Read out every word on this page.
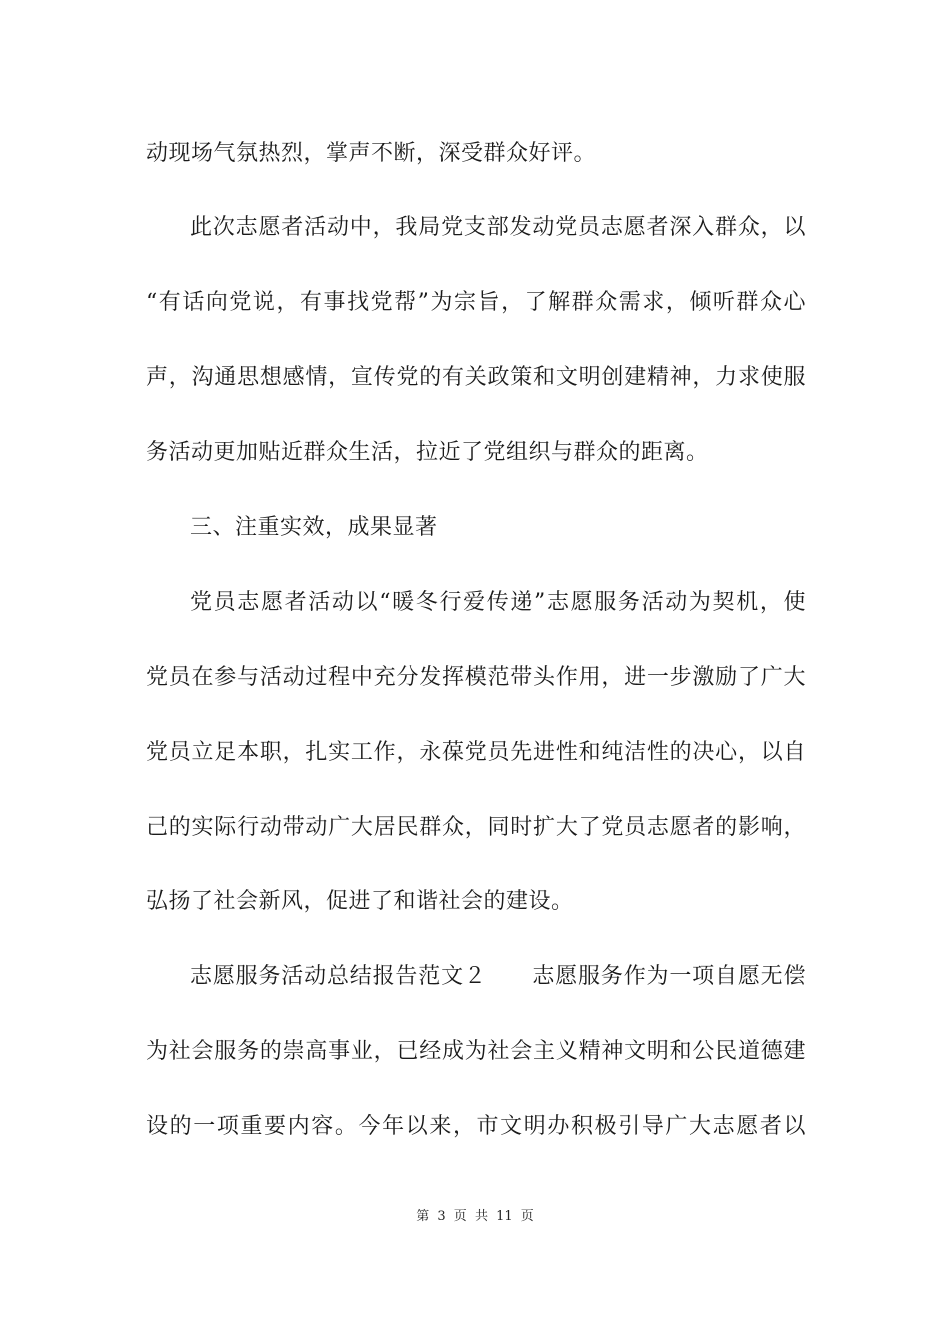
动现场气氛热烈，掌声不断，深受群众好评。
此次志愿者活动中，我局党支部发动党员志愿者深入群众，以
“有话向党说，有事找党帮”为宗旨，了解群众需求，倾听群众心
声，沟通思想感情，宣传党的有关政策和文明创建精神，力求使服
务活动更加贴近群众生活，拉近了党组织与群众的距离。
三、注重实效，成果显著
党员志愿者活动以“暖冬行爱传递”志愿服务活动为契机，使
党员在参与活动过程中充分发挥模范带头作用，进一步激励了广大
党员立足本职，扎实工作，永葆党员先进性和纯洁性的决心，以自
己的实际行动带动广大居民群众，同时扩大了党员志愿者的影响，
弘扬了社会新风，促进了和谐社会的建设。
志愿服务活动总结报告范文２　　志愿服务作为一项自愿无偿
为社会服务的崇高事业，已经成为社会主义精神文明和公民道德建
设的一项重要内容。今年以来，市文明办积极引导广大志愿者以
第 3 页 共 11 页
